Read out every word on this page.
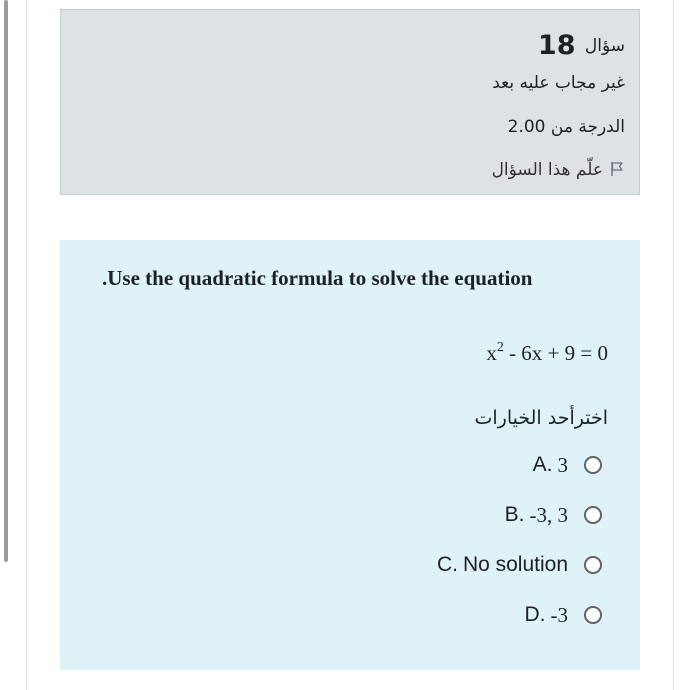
سؤال 18
غير مجاب عليه بعد
الدرجة من 2.00
علّم هذا السؤال
.Use the quadratic formula to solve the equation
$x^2 - 6x + 9 = 0$
اخترأحد الخيارات
A. 3
B. -3, 3
C. No solution
D. -3
